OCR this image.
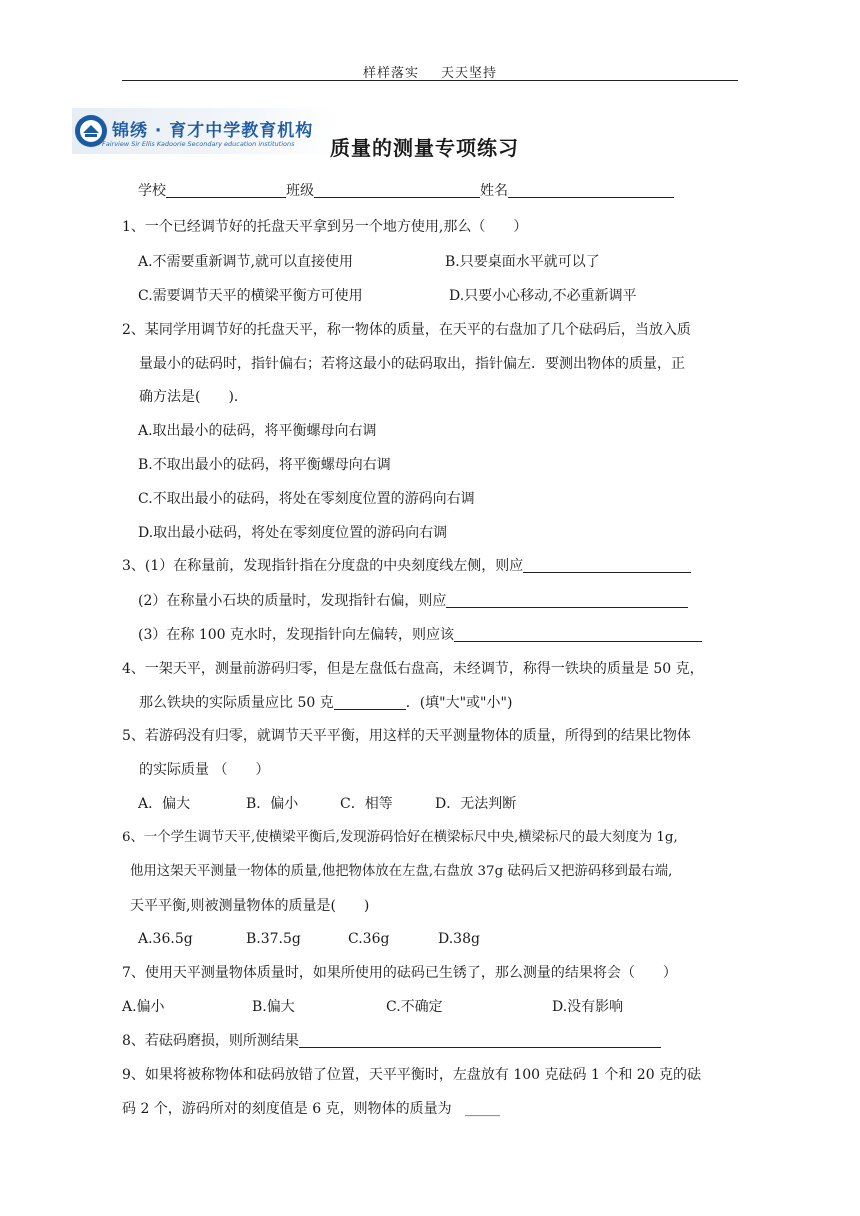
样样落实 天天坚持
锦绣 · 育才中学教育机构
Fairview Sir Ellis Kadoorie Secondary education institutions 质量的测量专项练习
学校	班级	姓名
1、一个已经调节好的托盘天平拿到另一个地方使用,那么（　　）
A.不需要重新调节,就可以直接使用	B.只要桌面水平就可以了
C.需要调节天平的横梁平衡方可使用	D.只要小心移动,不必重新调平
2、某同学用调节好的托盘天平，称一物体的质量，在天平的右盘加了几个砝码后，当放入质
量最小的砝码时，指针偏右；若将这最小的砝码取出，指针偏左．要测出物体的质量，正
确方法是(　　)．
A.取出最小的砝码，将平衡螺母向右调
B.不取出最小的砝码，将平衡螺母向右调
C.不取出最小的砝码，将处在零刻度位置的游码向右调
D.取出最小砝码，将处在零刻度位置的游码向右调
3、(1）在称量前，发现指针指在分度盘的中央刻度线左侧，则应
(2）在称量小石块的质量时，发现指针右偏，则应
(3）在称 100 克水时，发现指针向左偏转，则应该
4、一架天平，测量前游码归零，但是左盘低右盘高，未经调节，称得一铁块的质量是 50 克，
那么铁块的实际质量应比 50 克	．(填"大"或"小")
5、若游码没有归零，就调节天平平衡，用这样的天平测量物体的质量，所得到的结果比物体
的实际质量 （　　）
A．偏大	B．偏小	C．相等	D．无法判断
6、一个学生调节天平,使横梁平衡后,发现游码恰好在横梁标尺中央,横梁标尺的最大刻度为 1g,
他用这架天平测量一物体的质量,他把物体放在左盘,右盘放 37g 砝码后又把游码移到最右端,
天平平衡,则被测量物体的质量是(　　)
A.36.5g	B.37.5g	C.36g	D.38g
7、使用天平测量物体质量时，如果所使用的砝码已生锈了，那么测量的结果将会（　　）
A.偏小	B.偏大	C.不确定	D.没有影响
8、若砝码磨损，则所测结果
9、如果将被称物体和砝码放错了位置，天平平衡时，左盘放有 100 克砝码 1 个和 20 克的砝
码 2 个，游码所对的刻度值是 6 克，则物体的质量为 _____
